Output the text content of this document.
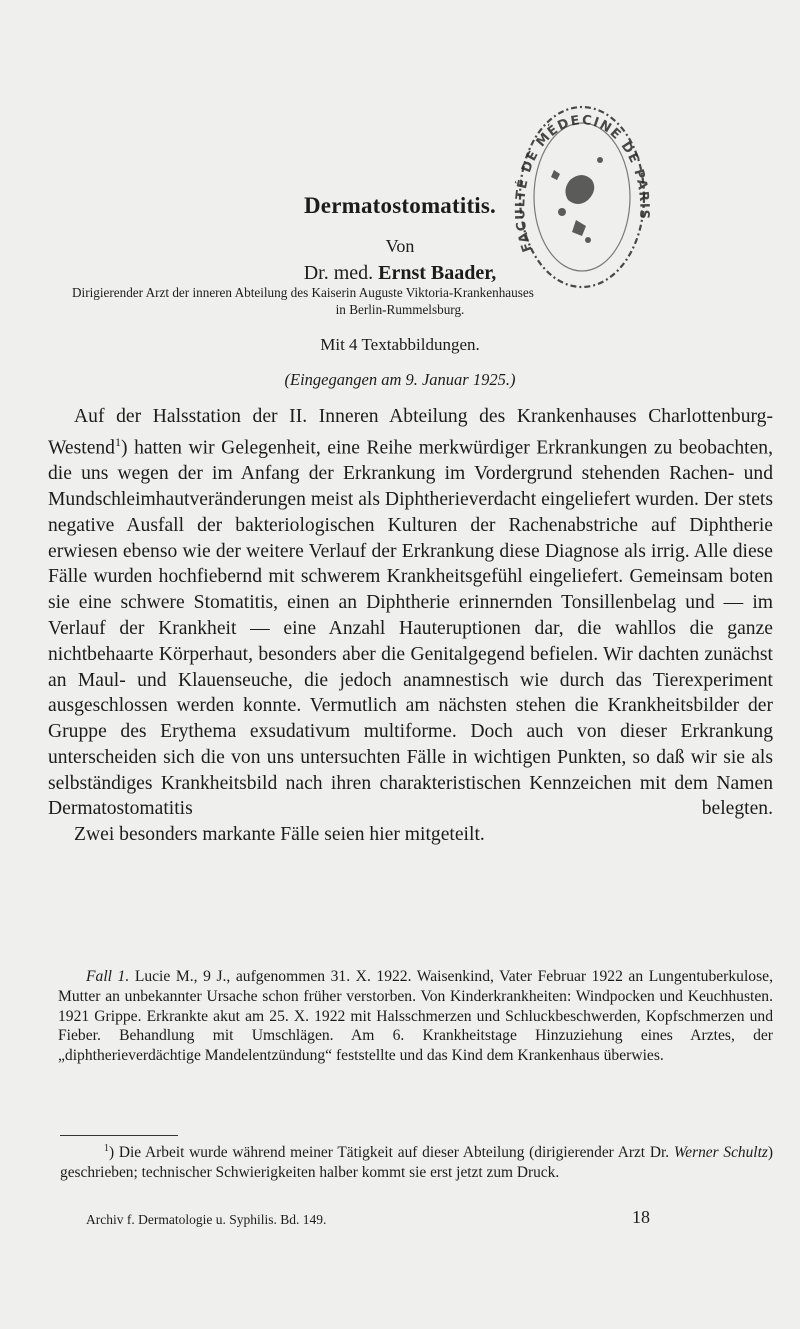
FACULTÉ DE MÉDECINE DE PARIS
Dermatostomatitis.
Von
Dr. med. Ernst Baader,
Dirigierender Arzt der inneren Abteilung des Kaiserin Auguste Viktoria-Krankenhauses
in Berlin-Rummelsburg.
Mit 4 Textabbildungen.
(Eingegangen am 9. Januar 1925.)

Auf der Halsstation der II. Inneren Abteilung des Krankenhauses Charlottenburg-Westend$^1$) hatten wir Gelegenheit, eine Reihe merkwürdiger Erkrankungen zu beobachten, die uns wegen der im Anfang der Erkrankung im Vordergrund stehenden Rachen- und Mundschleimhautveränderungen meist als Diphtherieverdacht eingeliefert wurden. Der stets negative Ausfall der bakteriologischen Kulturen der Rachenabstriche auf Diphtherie erwiesen ebenso wie der weitere Verlauf der Erkrankung diese Diagnose als irrig. Alle diese Fälle wurden hochfiebernd mit schwerem Krankheitsgefühl eingeliefert. Gemeinsam boten sie eine schwere Stomatitis, einen an Diphtherie erinnernden Tonsillenbelag und — im Verlauf der Krankheit — eine Anzahl Hauteruptionen dar, die wahllos die ganze nichtbehaarte Körperhaut, besonders aber die Genitalgegend befielen. Wir dachten zunächst an Maul- und Klauenseuche, die jedoch anamnestisch wie durch das Tierexperiment ausgeschlossen werden konnte. Vermutlich am nächsten stehen die Krankheitsbilder der Gruppe des Erythema exsudativum multiforme. Doch auch von dieser Erkrankung unterscheiden sich die von uns untersuchten Fälle in wichtigen Punkten, so daß wir sie als selbständiges Krankheitsbild nach ihren charakteristischen Kennzeichen mit dem Namen Dermatostomatitis belegten.

Zwei besonders markante Fälle seien hier mitgeteilt.

Fall 1. Lucie M., 9 J., aufgenommen 31. X. 1922. Waisenkind, Vater Februar 1922 an Lungentuberkulose, Mutter an unbekannter Ursache schon früher verstorben. Von Kinderkrankheiten: Windpocken und Keuchhusten. 1921 Grippe. Erkrankte akut am 25. X. 1922 mit Halsschmerzen und Schluckbeschwerden, Kopfschmerzen und Fieber. Behandlung mit Umschlägen. Am 6. Krankheitstage Hinzuziehung eines Arztes, der „diphtherieverdächtige Mandelentzündung“ feststellte und das Kind dem Krankenhaus überwies.

$^1$) Die Arbeit wurde während meiner Tätigkeit auf dieser Abteilung (dirigierender Arzt Dr. Werner Schultz) geschrieben; technischer Schwierigkeiten halber kommt sie erst jetzt zum Druck.

Archiv f. Dermatologie u. Syphilis. Bd. 149.	18
